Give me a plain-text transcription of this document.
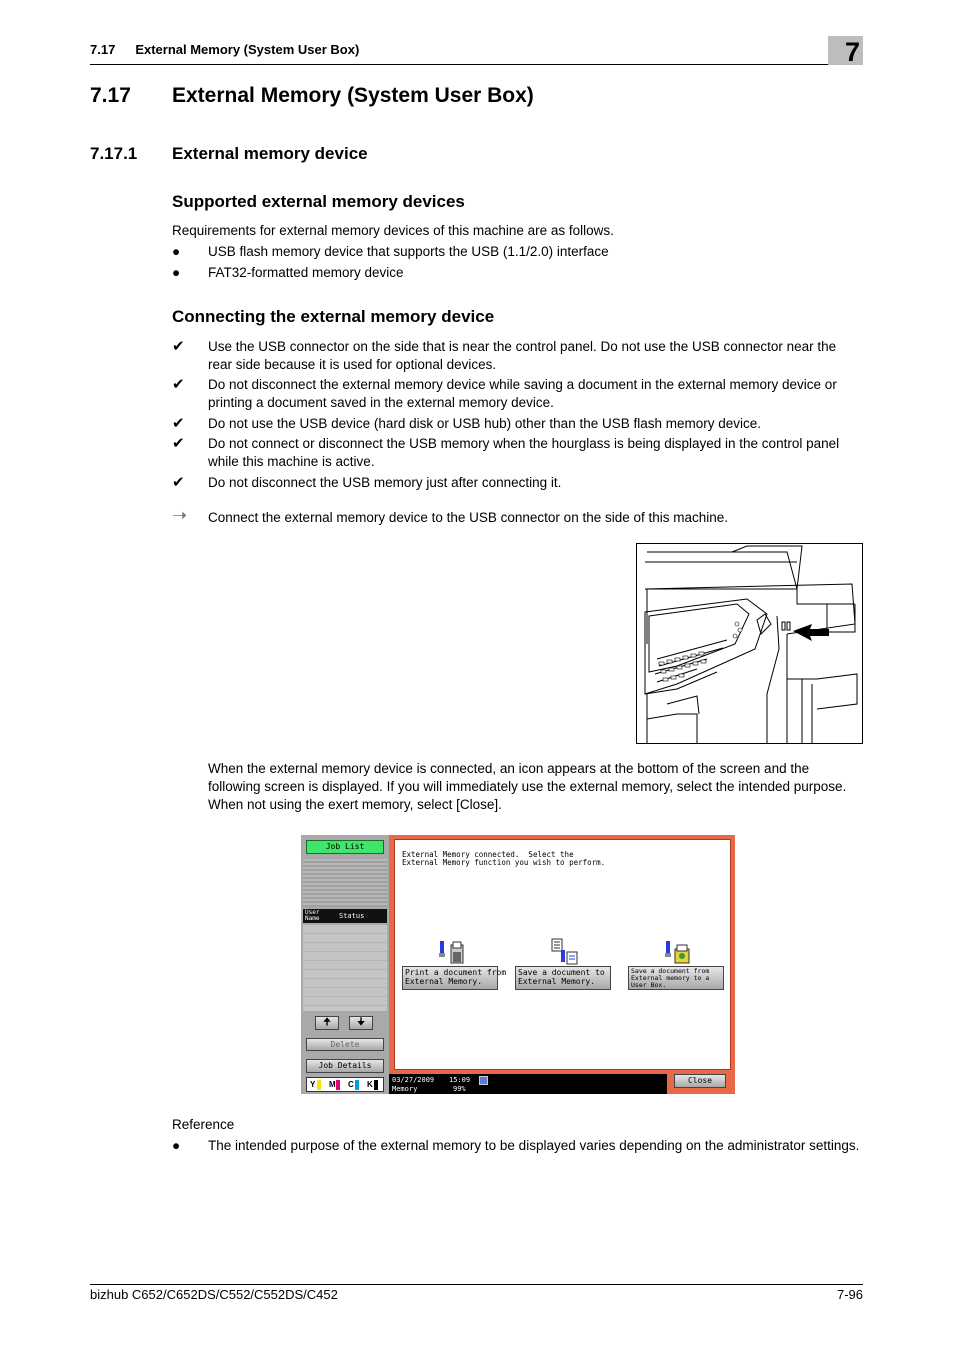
7.17 External Memory (System User Box)	7
7.17 External Memory (System User Box)
7.17.1 External memory device
Supported external memory devices
Requirements for external memory devices of this machine are as follows.
●	USB flash memory device that supports the USB (1.1/2.0) interface
●	FAT32-formatted memory device
Connecting the external memory device
✔	Use the USB connector on the side that is near the control panel. Do not use the USB connector near the rear side because it is used for optional devices.
✔	Do not disconnect the external memory device while saving a document in the external memory device or printing a document saved in the external memory device.
✔	Do not use the USB device (hard disk or USB hub) other than the USB flash memory device.
✔	Do not connect or disconnect the USB memory when the hourglass is being displayed in the control panel while this machine is active.
✔	Do not disconnect the USB memory just after connecting it.
➝	Connect the external memory device to the USB connector on the side of this machine.
When the external memory device is connected, an icon appears at the bottom of the screen and the following screen is displayed. If you will immediately use the external memory, select the intended purpose. When not using the exert memory, select [Close].
Job List
User
Name	Status
🠉	🠋
Delete
Job Details
Y M C K
External Memory connected.  Select the
External Memory function you wish to perform.
Print a document from
External Memory.
Save a document to
External Memory.
Save a document from
External memory to a
User Box.
03/27/2009 15:09
Memory	99%
Close
Reference
●	The intended purpose of the external memory to be displayed varies depending on the administrator settings.
bizhub C652/C652DS/C552/C552DS/C452	7-96
